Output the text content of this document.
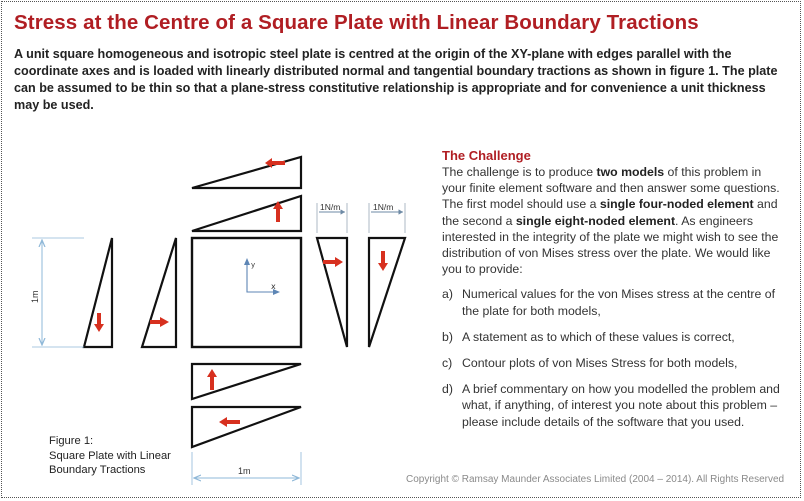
Stress at the Centre of a Square Plate with Linear Boundary Tractions
A unit square homogeneous and isotropic steel plate is centred at the origin of the XY-plane with edges parallel with the coordinate axes and is loaded with linearly distributed normal and tangential boundary tractions as shown in figure 1. The plate can be assumed to be thin so that a plane-stress constitutive relationship is appropriate and for convenience a unit thickness may be used.
y
x
1N/m	1N/m
1m
1m
Figure 1:
Square Plate with Linear
Boundary Tractions
The Challenge
The challenge is to produce two models of this problem in your finite element software and then answer some questions. The first model should use a single four-noded element and the second a single eight-noded element. As engineers interested in the integrity of the plate we might wish to see the distribution of von Mises stress over the plate. We would like you to provide:
a) Numerical values for the von Mises stress at the centre of the plate for both models,
b) A statement as to which of these values is correct,
c) Contour plots of von Mises Stress for both models,
d) A brief commentary on how you modelled the problem and what, if anything, of interest you note about this problem – please include details of the software that you used.
Copyright © Ramsay Maunder Associates Limited (2004 – 2014). All Rights Reserved
